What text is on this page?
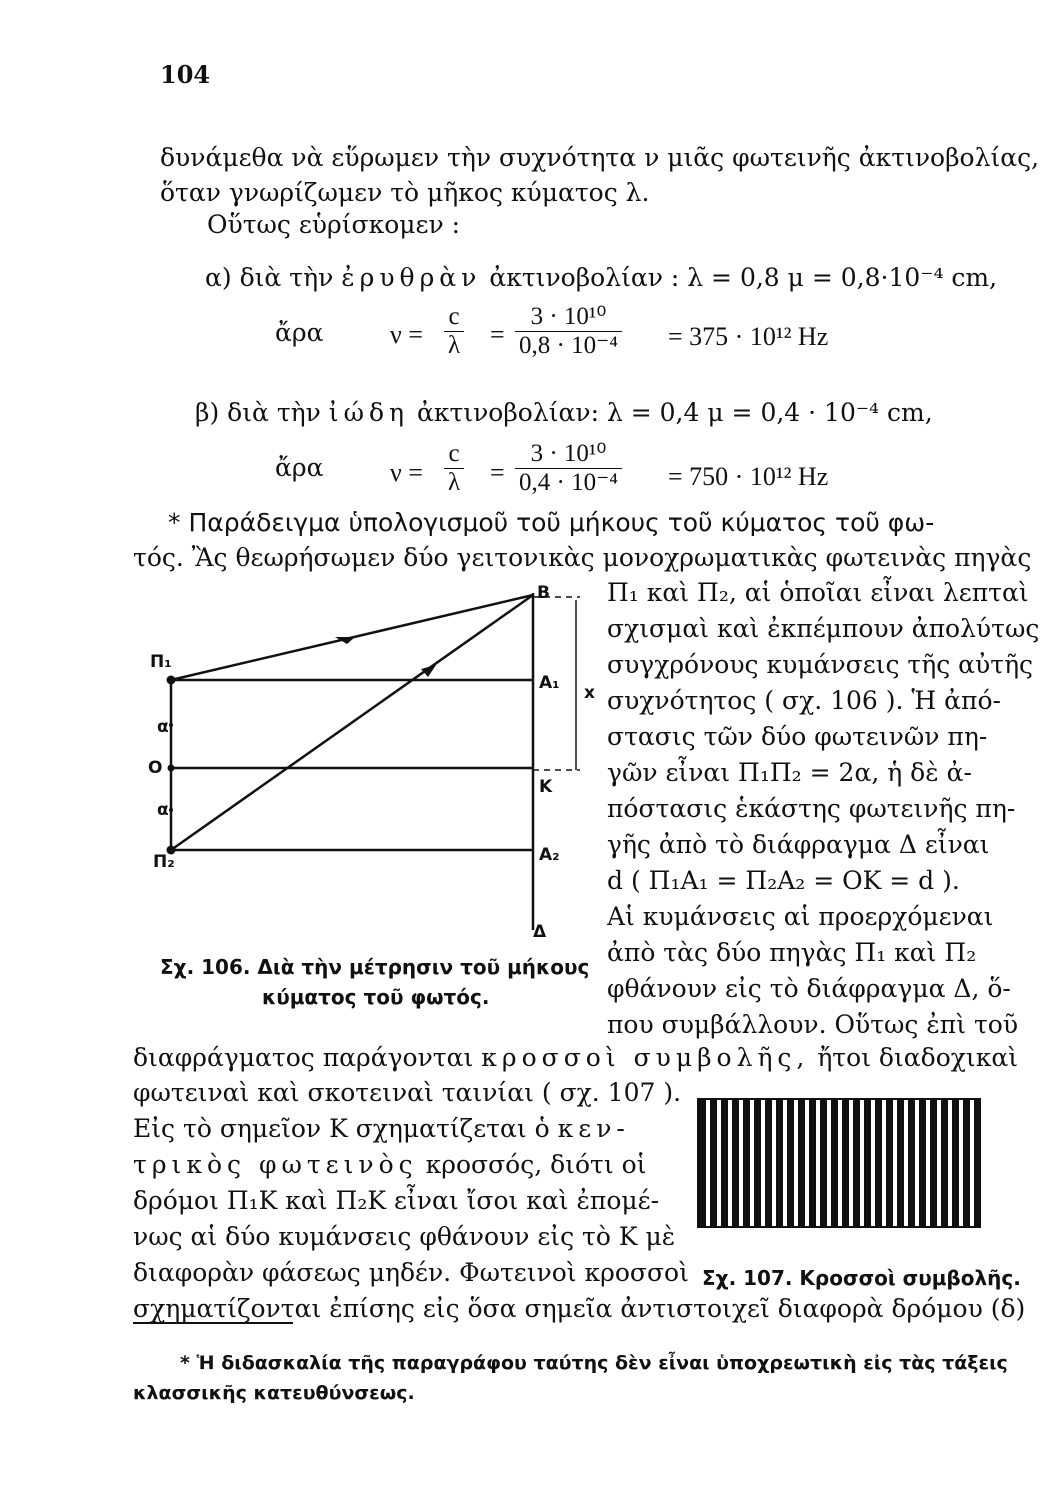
104
δυνάμεθα νὰ εὕρωμεν τὴν συχνότητα ν μιᾶς φωτεινῆς ἀκτινοβολίας,
ὅταν γνωρίζωμεν τὸ μῆκος κύματος λ.
Οὕτως εὑρίσκομεν :
α) διὰ τὴν ἐρυθρὰν ἀκτινοβολίαν : λ = 0,8 μ = 0,8·10⁻⁴ cm,
ἄρα	$\nu = \frac{c}{\lambda} = \frac{\text{3 · 10¹⁰}}{\text{0,8 · 10⁻⁴}} = 375 \cdot 10^{12}$ Hz
β) διὰ τὴν ἰώδη ἀκτινοβολίαν: λ = 0,4 μ = 0,4 · 10⁻⁴ cm,
ἄρα	$\nu = \frac{c}{\lambda} = \frac{\text{3 · 10¹⁰}}{\text{0,4 · 10⁻⁴}} = 750 \cdot 10^{12}$ Hz
* Παράδειγμα ὑπολογισμοῦ τοῦ μήκους τοῦ κύματος τοῦ φω-
τός. Ἂς θεωρήσωμεν δύο γειτονικὰς μονοχρωματικὰς φωτεινὰς πηγὰς
Π₁ καὶ Π₂, αἱ ὁποῖαι εἶναι λεπταὶ
σχισμαὶ καὶ ἐκπέμπουν ἀπολύτως
συγχρόνους κυμάνσεις τῆς αὐτῆς
συχνότητος ( σχ. 106 ). Ἡ ἀπό-
στασις τῶν δύο φωτεινῶν πη-
γῶν εἶναι Π₁Π₂ = 2α, ἡ δὲ ἀ-
πόστασις ἑκάστης φωτεινῆς πη-
γῆς ἀπὸ τὸ διάφραγμα Δ εἶναι
d ( Π₁Α₁ = Π₂Α₂ = ΟΚ = d ).
Αἱ κυμάνσεις αἱ προερχόμεναι
ἀπὸ τὰς δύο πηγὰς Π₁ καὶ Π₂
φθάνουν εἰς τὸ διάφραγμα Δ, ὅ-
που συμβάλλουν. Οὕτως ἐπὶ τοῦ
Π₁
α
Ο
α
Π₂
Β
Α₁ x
Κ
Α₂
Δ
Σχ. 106. Διὰ τὴν μέτρησιν τοῦ μήκους
κύματος τοῦ φωτός.
διαφράγματος παράγονται κροσσοὶ συμβολῆς, ἤτοι διαδοχικαὶ
φωτειναὶ καὶ σκοτειναὶ ταινίαι ( σχ. 107 ).
Εἰς τὸ σημεῖον Κ σχηματίζεται ὁ κεν-
τρικὸς φωτεινὸς κροσσός, διότι οἱ
δρόμοι Π₁Κ καὶ Π₂Κ εἶναι ἴσοι καὶ ἐπομέ-
νως αἱ δύο κυμάνσεις φθάνουν εἰς τὸ Κ μὲ
διαφορὰν φάσεως μηδέν. Φωτεινοὶ κροσσοὶ
σχηματίζονται ἐπίσης εἰς ὅσα σημεῖα ἀντιστοιχεῖ διαφορὰ δρόμου (δ)
Σχ. 107. Κροσσοὶ συμβολῆς.
* Ἡ διδασκαλία τῆς παραγράφου ταύτης δὲν εἶναι ὑποχρεωτικὴ εἰς τὰς τάξεις
κλασσικῆς κατευθύνσεως.
